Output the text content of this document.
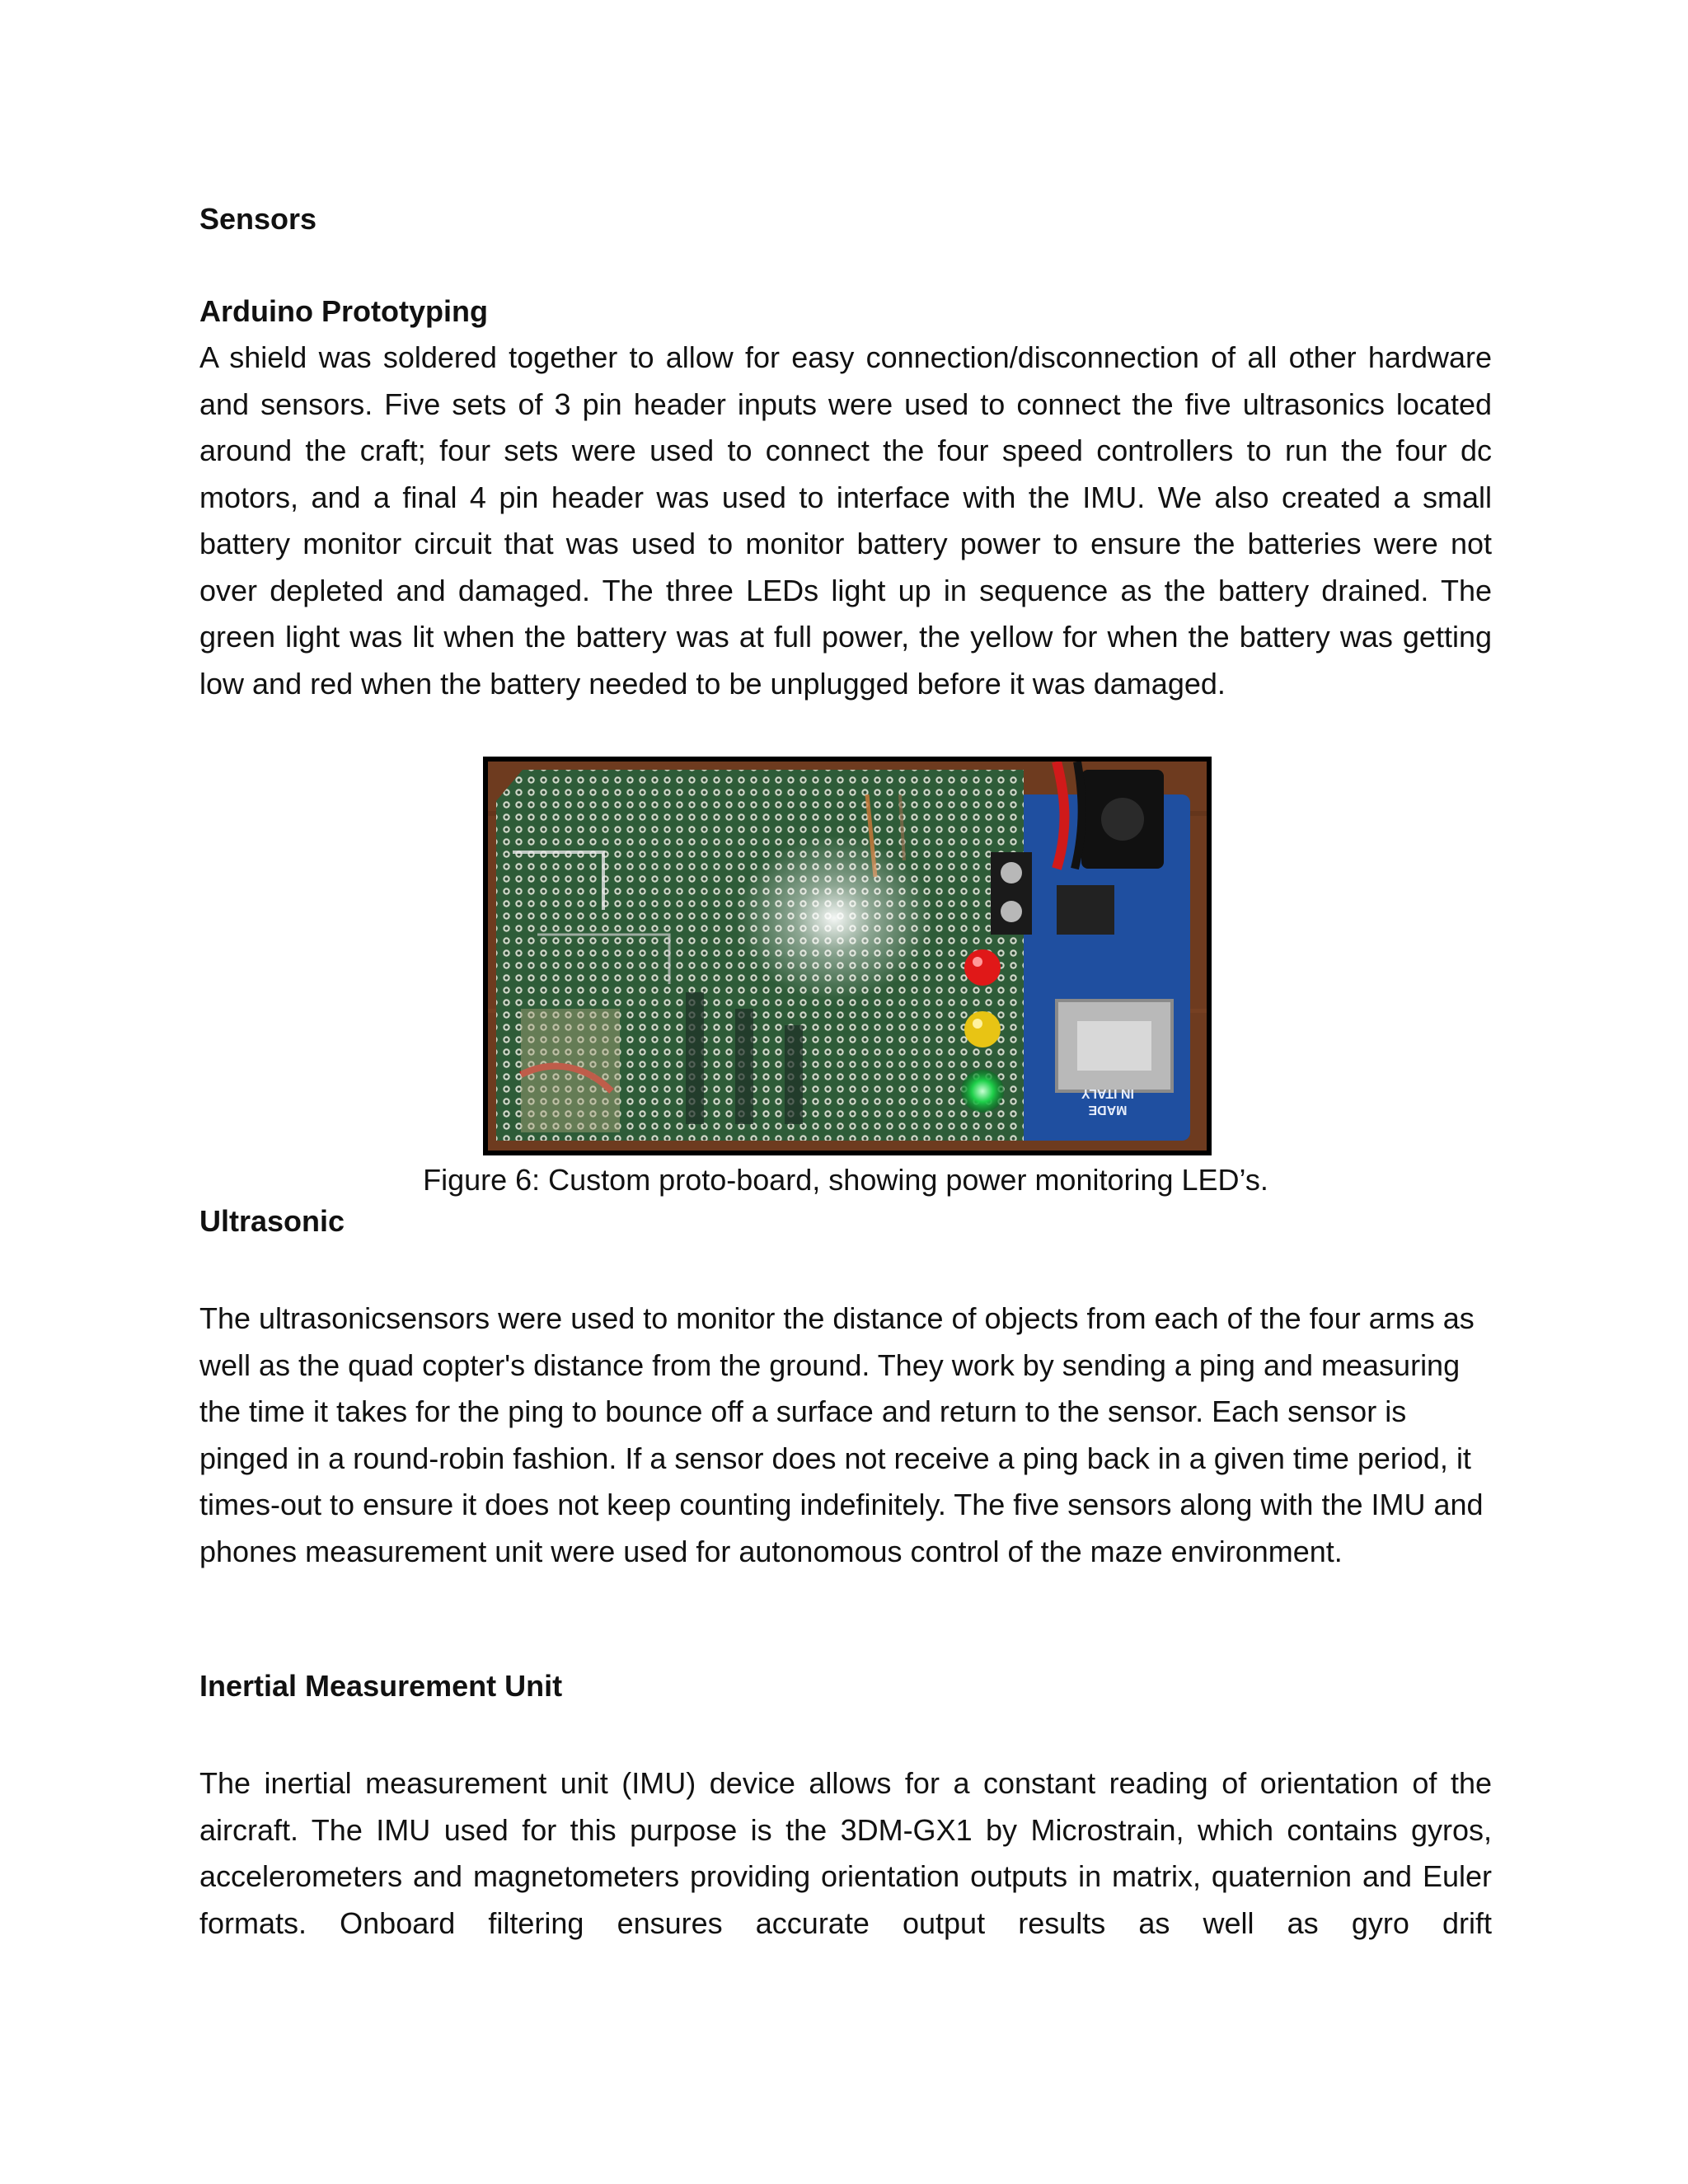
Sensors
Arduino Prototyping

A shield was soldered together to allow for easy connection/disconnection of all other hardware and sensors. Five sets of 3 pin header inputs were used to connect the five ultrasonics located around the craft; four sets were used to connect the four speed controllers to run the four dc motors, and a final 4 pin header was used to interface with the IMU. We also created a small battery monitor circuit that was used to monitor battery power to ensure the batteries were not over depleted and damaged. The three LEDs light up in sequence as the battery drained. The green light was lit when the battery was at full power, the yellow for when the battery was getting low and red when the battery needed to be unplugged before it was damaged.

MADE
IN ITALY

Figure 6: Custom proto-board, showing power monitoring LED’s.

Ultrasonic

The ultrasonicsensors were used to monitor the distance of objects from each of the four arms as well as the quad copter's distance from the ground. They work by sending a ping and measuring the time it takes for the ping to bounce off a surface and return to the sensor. Each sensor is pinged in a round-robin fashion. If a sensor does not receive a ping back in a given time period, it times-out to ensure it does not keep counting indefinitely. The five sensors along with the IMU and phones measurement unit were used for autonomous control of the maze environment.

Inertial Measurement Unit

The inertial measurement unit (IMU) device allows for a constant reading of orientation of the aircraft. The IMU used for this purpose is the 3DM-GX1 by Microstrain, which contains gyros, accelerometers and magnetometers providing orientation outputs in matrix, quaternion and Euler formats. Onboard filtering ensures accurate output results as well as gyro drift
